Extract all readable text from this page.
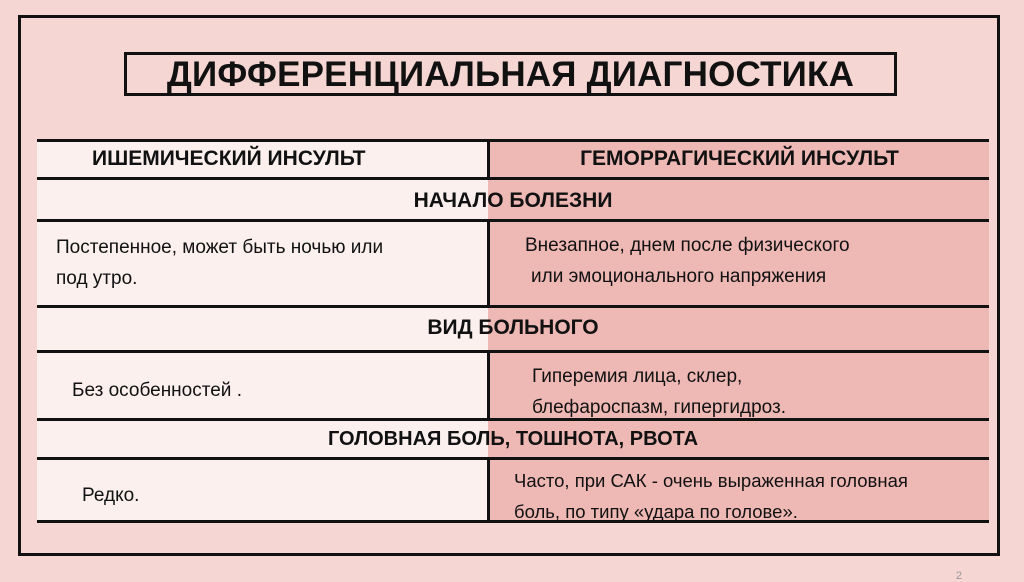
ДИФФЕРЕНЦИАЛЬНАЯ ДИАГНОСТИКА
ИШЕМИЧЕСКИЙ ИНСУЛЬТ	ГЕМОРРАГИЧЕСКИЙ ИНСУЛЬТ
НАЧАЛО БОЛЕЗНИ
Постепенное, может быть ночью или
под утро.
Внезапное, днем после физического
или эмоционального напряжения
ВИД БОЛЬНОГО
Без особенностей .
Гиперемия лица, склер,
блефароспазм, гипергидроз.
ГОЛОВНАЯ БОЛЬ, ТОШНОТА, РВОТА
Редко.
Часто, при САК - очень выраженная головная
боль, по типу «удара по голове».
2
